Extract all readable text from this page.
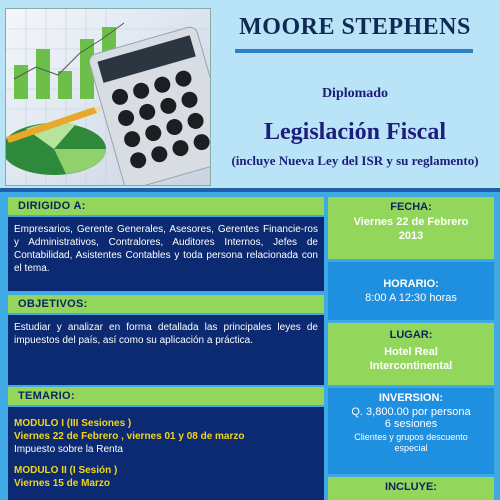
MOORE STEPHENS
Diplomado
Legislación Fiscal
(incluye Nueva Ley del ISR y su reglamento)
DIRIGIDO A:
Empresarios, Gerente Generales, Asesores, Gerentes Financie-ros y Administrativos, Contralores, Auditores Internos, Jefes de Contabilidad, Asistentes Contables y toda persona relacionada con el tema.
OBJETIVOS:
Estudiar y analizar en forma detallada las principales leyes de impuestos del país, así como su aplicación a práctica.
TEMARIO:
MODULO I (III Sesiones )
Viernes 22 de Febrero , viernes 01 y 08 de marzo
Impuesto sobre la Renta
MODULO II (I Sesión )
Viernes 15 de Marzo
FECHA:
Viernes 22 de Febrero 2013
HORARIO:
8:00 A 12:30 horas
LUGAR:
Hotel Real Intercontinental
INVERSION:
Q. 3,800.00 por persona
6 sesiones
Clientes y grupos descuento especial
INCLUYE:
